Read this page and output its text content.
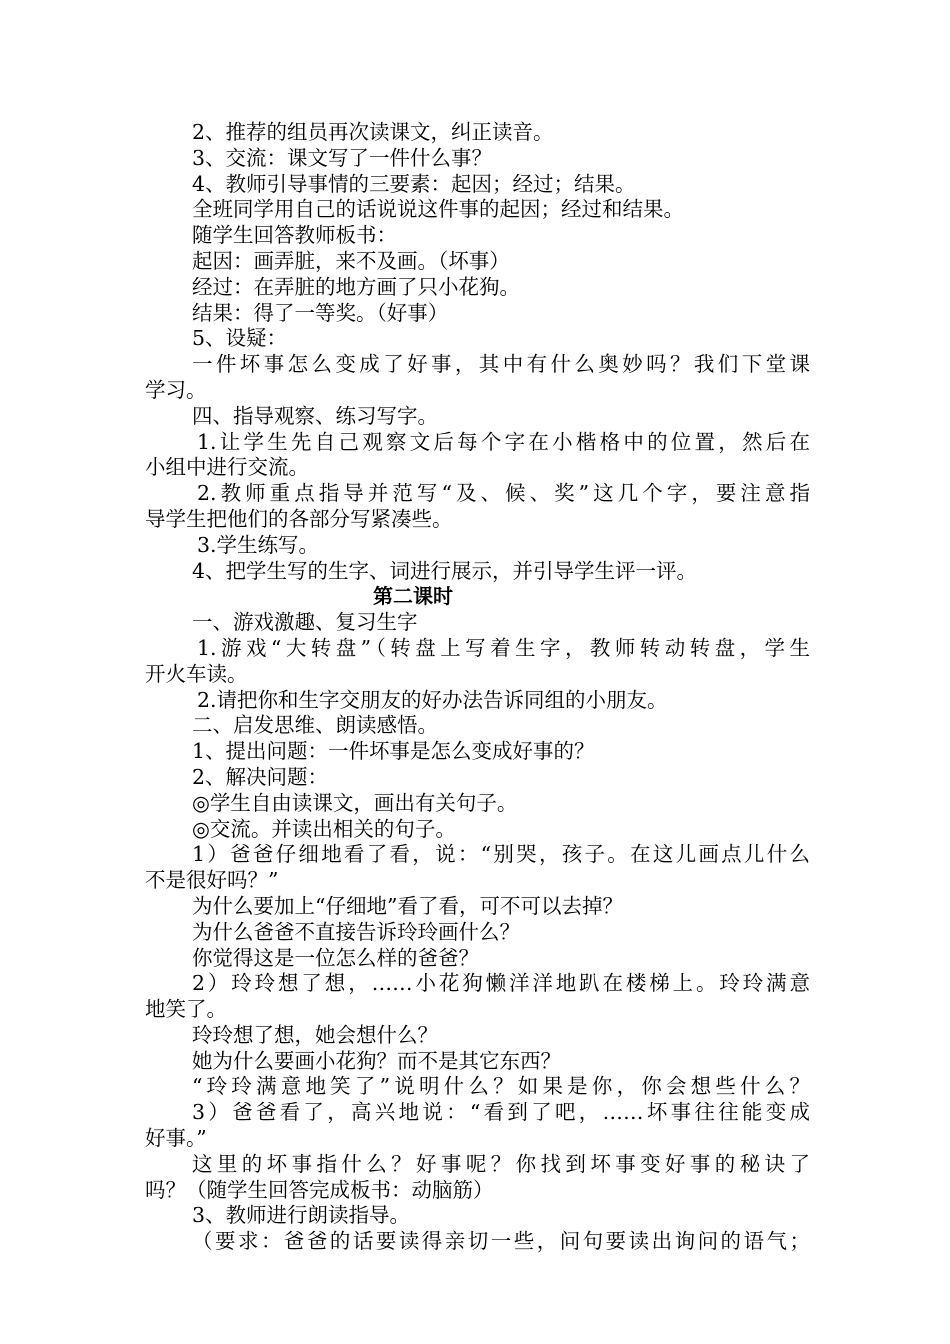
2、推荐的组员再次读课文，纠正读音。
3、交流：课文写了一件什么事？
4、教师引导事情的三要素：起因；经过；结果。
全班同学用自己的话说说这件事的起因；经过和结果。
随学生回答教师板书：
起因：画弄脏，来不及画。（坏事）
经过：在弄脏的地方画了只小花狗。
结果：得了一等奖。（好事）
5、设疑：
一件坏事怎么变成了好事，其中有什么奥妙吗？我们下堂课
学习。
四、指导观察、练习写字。
1.让学生先自己观察文后每个字在小楷格中的位置，然后在
小组中进行交流。
2.教师重点指导并范写“及、候、奖”这几个字，要注意指
导学生把他们的各部分写紧凑些。
3.学生练写。
4、把学生写的生字、词进行展示，并引导学生评一评。
第二课时
一、游戏激趣、复习生字
1.游戏“大转盘”（转盘上写着生字，教师转动转盘，学生
开火车读。
2.请把你和生字交朋友的好办法告诉同组的小朋友。
二、启发思维、朗读感悟。
1、提出问题：一件坏事是怎么变成好事的？
2、解决问题：
◎学生自由读课文，画出有关句子。
◎交流。并读出相关的句子。
1）爸爸仔细地看了看，说：“别哭，孩子。在这儿画点儿什么
不是很好吗？”
为什么要加上“仔细地”看了看，可不可以去掉？
为什么爸爸不直接告诉玲玲画什么？
你觉得这是一位怎么样的爸爸？
2）玲玲想了想，……小花狗懒洋洋地趴在楼梯上。玲玲满意
地笑了。
玲玲想了想，她会想什么？
她为什么要画小花狗？而不是其它东西？
“玲玲满意地笑了”说明什么？如果是你，你会想些什么？
3）爸爸看了，高兴地说：“看到了吧，……坏事往往能变成
好事。”
这里的坏事指什么？好事呢？你找到坏事变好事的秘诀了
吗？（随学生回答完成板书：动脑筋）
3、教师进行朗读指导。
（要求：爸爸的话要读得亲切一些，问句要读出询问的语气；
